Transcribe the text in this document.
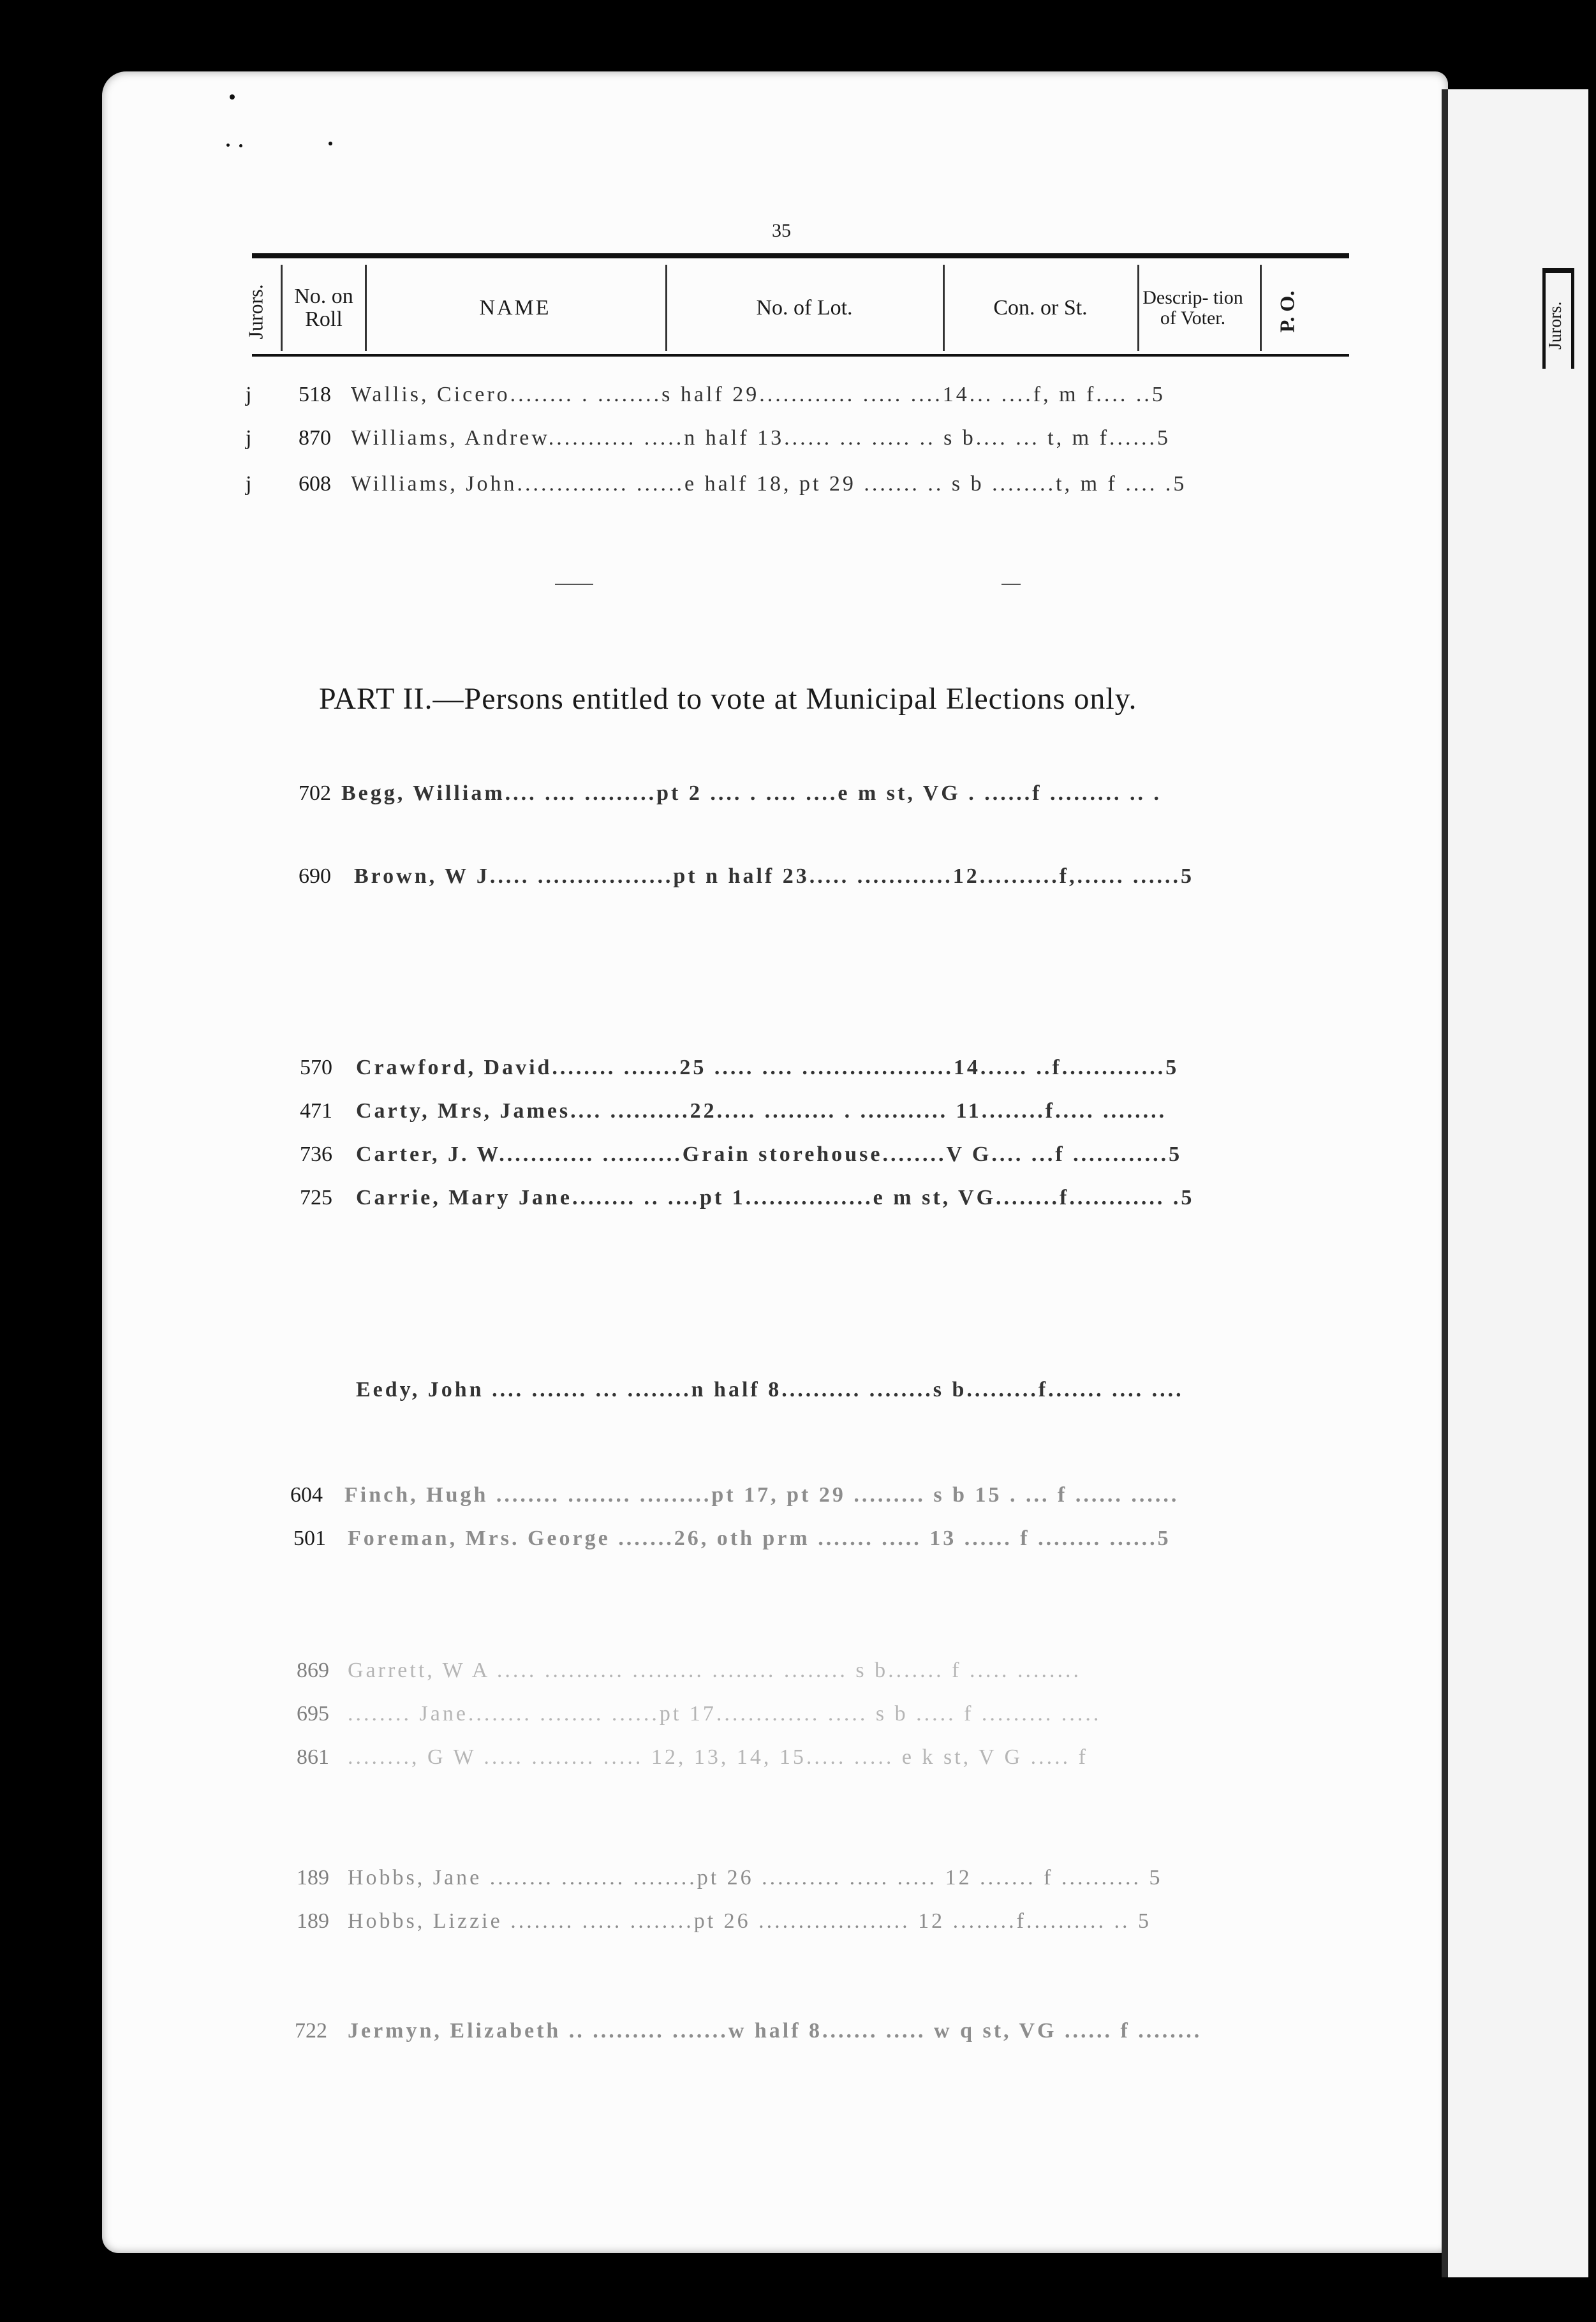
Jurors.
35
Jurors.	No. on Roll	NAME	No. of Lot.	Con. or St.	Descrip- tion of Voter.	P. O.
j 518 Wallis, Cicero........ . ........s half 29............ ..... ....14... ....f, m f.... ..5
j 870 Williams, Andrew........... .....n half 13...... ... ..... .. s b.... ... t, m f......5
j 608 Williams, John.............. ......e half 18, pt 29 ....... .. s b ........t, m f .... .5
PART II.—Persons entitled to vote at Municipal Elections only.
702 Begg, William.... .... .........pt 2 .... . .... ....e m st, VG . ......f ......... .. .
690 Brown, W J..... .................pt n half 23..... ............12..........f,...... ......5
570 Crawford, David........ .......25 ..... .... ...................14...... ..f.............5
471 Carty, Mrs, James.... ..........22..... ......... . ........... 11........f..... ........
736 Carter, J. W............ ..........Grain storehouse........V G.... ...f ............5
725 Carrie, Mary Jane........ .. ....pt 1................e m st, VG........f............ .5
Eedy, John .... ....... ... ........n half 8.......... ........s b.........f....... .... ....
604 Finch, Hugh ........ ........ .........pt 17, pt 29 ......... s b 15 . ... f ...... ......
501 Foreman, Mrs. George .......26, oth prm ....... ..... 13 ...... f ........ ......5
869 Garrett, W A ..... .......... ......... ........ ........ s b....... f ..... ........
695 ........ Jane........ ........ ......pt 17............. ..... s b ..... f ......... .....
861 ........, G W ..... ........ ..... 12, 13, 14, 15..... ..... e k st, V G ..... f
189 Hobbs, Jane ........ ........ ........pt 26 .......... ..... ..... 12 ....... f .......... 5
189 Hobbs, Lizzie ........ ..... ........pt 26 ................... 12 ........f.......... .. 5
722 Jermyn, Elizabeth .. ......... .......w half 8....... ..... w q st, VG ...... f ........
